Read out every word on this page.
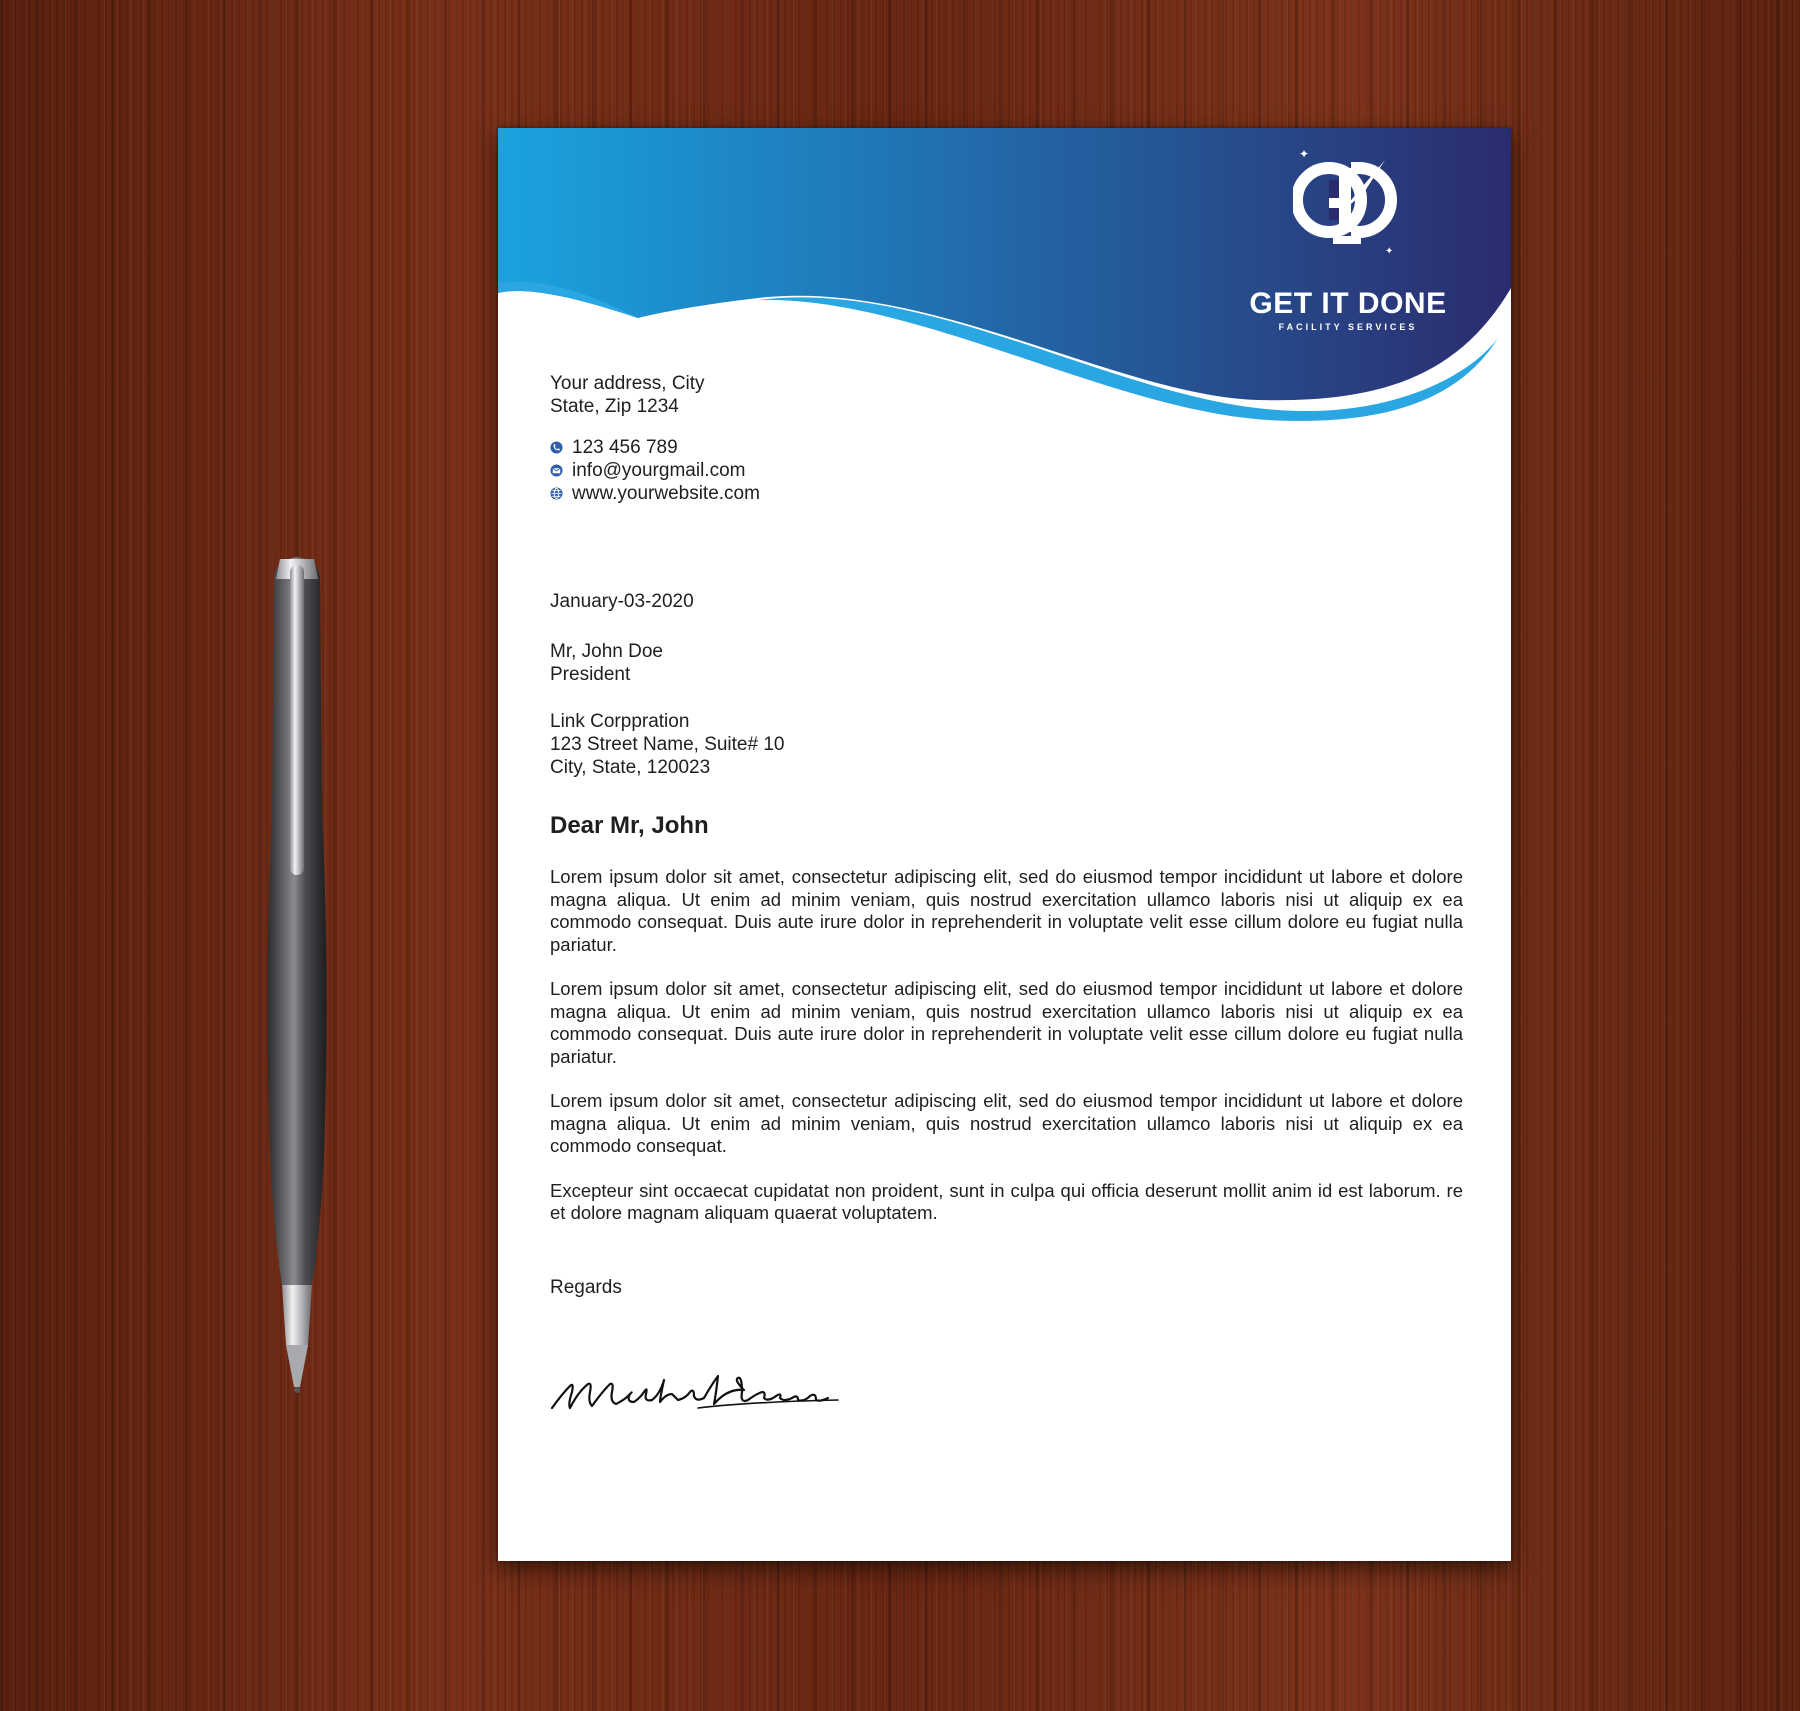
✦
✦
GET IT DONE
FACILITY SERVICES
Your address, City
State, Zip 1234
123 456 789
info@yourgmail.com
www.yourwebsite.com
January-03-2020
Mr, John Doe
President
Link Corppration
123 Street Name, Suite# 10
City, State, 120023
Dear Mr, John

Lorem ipsum dolor sit amet, consectetur adipiscing elit, sed do eiusmod tempor incididunt ut labore et dolore magna aliqua. Ut enim ad minim veniam, quis nostrud exercitation ullamco laboris nisi ut aliquip ex ea commodo consequat. Duis aute irure dolor in reprehenderit in voluptate velit esse cillum dolore eu fugiat nulla pariatur.

Lorem ipsum dolor sit amet, consectetur adipiscing elit, sed do eiusmod tempor incididunt ut labore et dolore magna aliqua. Ut enim ad minim veniam, quis nostrud exercitation ullamco laboris nisi ut aliquip ex ea commodo consequat. Duis aute irure dolor in reprehenderit in voluptate velit esse cillum dolore eu fugiat nulla pariatur.

Lorem ipsum dolor sit amet, consectetur adipiscing elit, sed do eiusmod tempor incididunt ut labore et dolore magna aliqua. Ut enim ad minim veniam, quis nostrud exercitation ullamco laboris nisi ut aliquip ex ea commodo consequat.

Excepteur sint occaecat cupidatat non proident, sunt in culpa qui officia deserunt mollit anim id est laborum. re et dolore magnam aliquam quaerat voluptatem.

Regards
